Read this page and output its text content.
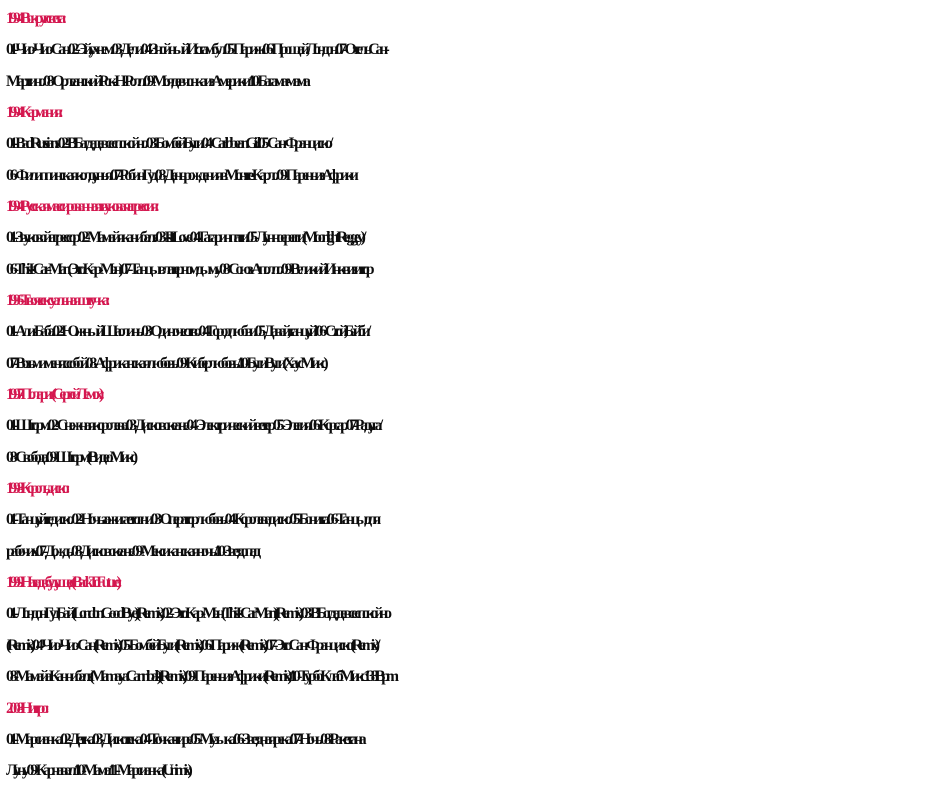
1994 - Вокруг света:

01 - Чио - Чио - Сан / 02 - Эй, ухнем / 03 - Дели / 04 - Знойный Истамбул / 05 - Париж / 06 - Прощай, Лондон / 07 - Отель Сан -
Мартино / 08 - Орлеанский Рок - Н - Ролл / 09 - Моя девчонка из Америки / 10 - Багама - мама

1994 - Кармания:

01 - Bad Russians / 02 - В Багдаде все спокойно / 03 - Бомбей Буги / 04 - Caribbean Girl / 05 - Сан - Франциско /
06 - Филиппинская колдунья / 07 - Робин Гуд / 08 - День рождения в Монте - Карло / 09 - Парень из Африки

1994 - Русская массированная звуковая агрессия:

01 - Звуковой агрессор / 02 - Мамайя канибалз / 03 - Is It Love / 04 - Гагарин пати / 05 - Лунное регги (Moonlight Reggey) /
06 - This Is Car - Man (Это Кар - Мэн) / 07 - Танцы в лазерном дыму / 08 - Союз - Аполло / 09 - Великий Инквизитор

1996 - Твоя сексуальная штучка:

01 - Али - Баба / 02 - Южный Шаолинь / 03 - Одиночество / 04 - Город любви / 05 - Давай, танцуй! / 06 - Стой, Бэйби /
07 - Возьми меня с собой / 08 - Африканская любовь / 09 - Киберлюбовь / 10 - Буги Вуги (Хаус Микс)

1997 - Поларис (Сергей Лемох):

01 - Шторм / 02 - Снежная королева / 03 - Диско в океане / 04 - Электрический ветер / 05 - Элегия / 06 - Корсар / 07 - Радуга /
08 - Свобода / 09 - Шторм (Видео Микс)

1998 - Король диско:

01 - Танцуйте диско / 02 - Ночь зажигает огни / 03 - Оператор любовь / 04 - Королева диско / 05 - Бонита / 06 - Танцы для
рабочих / 07 - Дождь / 08 - Диско в океане / 09 - Мексиканская ночь / 10 - Звездопад

1999 - Назад в будущее (Back To Future):

01 - Лондон Гуд Бай (London Good Bye) (Remix) / 02 - Это Кар - Мэн (This Is Car Man) (Remix) / 03 - В Богдаде все спокойно
(Remix) / 04 - Чио - Чио - Сан (Remix) / 05 - Бомбей Буги (Remix) / 06 - Париж (Remix) / 07 - Это Сан - Франциско (Remix) /
08 - Мамайа Каннибалз (Mamaya Cannibals) (Remix) / 09 - Парень из Африки (Remix) / 10 - Турбо Клаб Микс 138 Bpm

2008 - Нитро:

01 - Марсианка / 02 - Детка / 03 - Дискотека / 04 - Точка - тире / 05 - Музыка / 06 - Звездная река / 07 - Ночь / 08 - Ракета на
Луну / 09 - Карнавал / 10 - Мама / 11 - Марсианка (Unimix)
